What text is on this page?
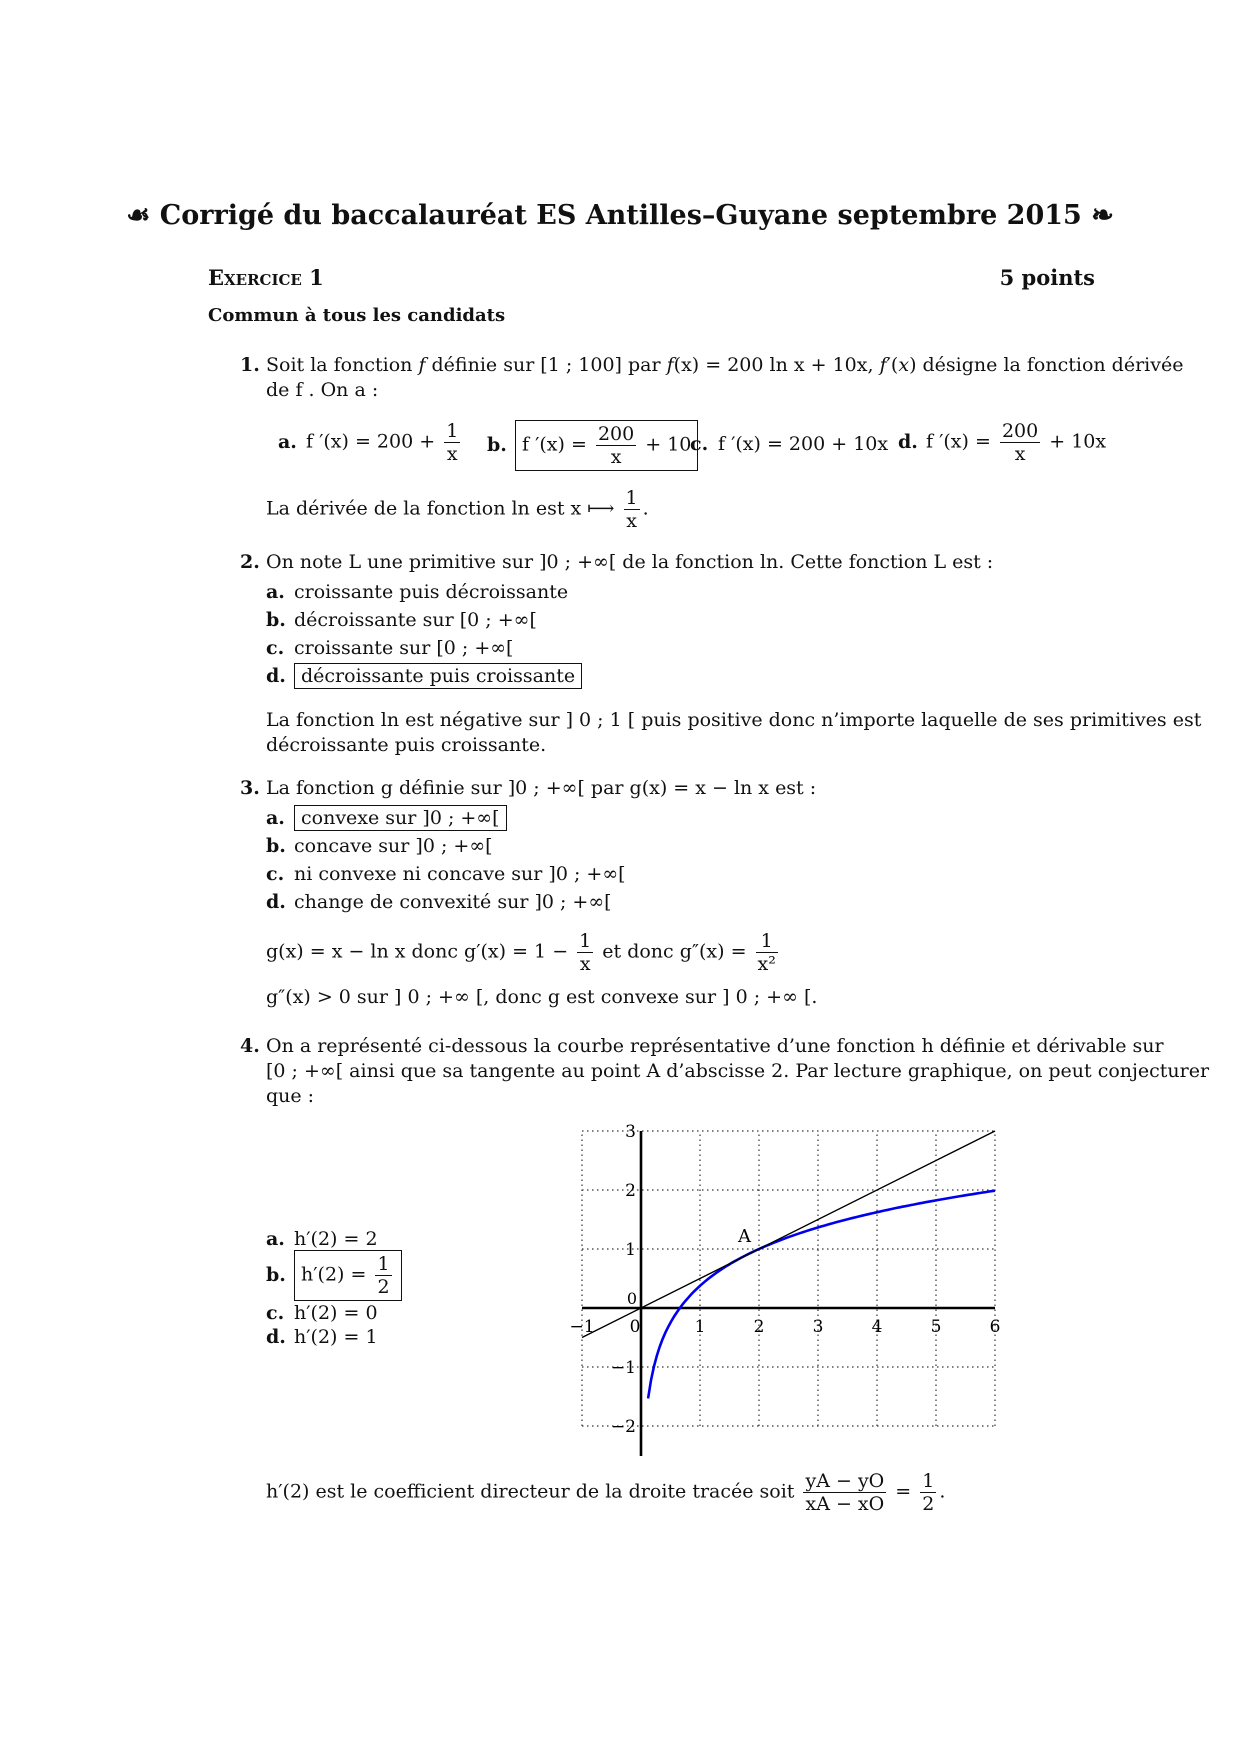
☙ Corrigé du baccalauréat ES Antilles–Guyane septembre 2015 ❧
Exercice 1	5 points
Commun à tous les candidats
1. Soit la fonction f définie sur [1 ; 100] par f(x) = 200 ln x + 10x, f′(x) désigne la fonction dérivée
de f . On a :
a. f $'(x) = 200 + \frac{1}{x} b$. f $'(x) = \frac{200}{x} + 10$
c. f ′(x) = 200 + 10x d. f $'(x) = \frac{200}{x} + 10x$
La dérivée de la fonction ln est x ⟼ $\frac{1}{x}$ .
2. On note L une primitive sur ]0 ; +∞[ de la fonction ln. Cette fonction L est :
a. croissante puis décroissante
b. décroissante sur [0 ; +∞[
c. croissante sur [0 ; +∞[
d. décroissante puis croissante
La fonction ln est négative sur ] 0 ; 1 [ puis positive donc n’importe laquelle de ses primitives est
décroissante puis croissante.
3. La fonction g définie sur ]0 ; +∞[ par g(x) = x − ln x est :
a. convexe sur ]0 ; +∞[
b. concave sur ]0 ; +∞[
c. ni convexe ni concave sur ]0 ; +∞[
d. change de convexité sur ]0 ; +∞[
g(x) = x − ln x donc $g'(x) = 1 - \frac{1}{x}$ et donc $g''(x) = \frac{1}{\text{x²}}$
g″(x) > 0 sur ] 0 ; +∞ [, donc g est convexe sur ] 0 ; +∞ [.
4. On a représenté ci-dessous la courbe représentative d’une fonction h définie et dérivable sur
[0 ; +∞[ ainsi que sa tangente au point A d’abscisse 2. Par lecture graphique, on peut conjecturer
que :
a. h′(2) = 2
b. $h'(2) = \frac{1}{2}$
c. h′(2) = 0
d. h′(2) = 1	−1 0	1	2	3	4	5	6
−2
−1
0
1
2
3
A
h′(2) est le coefficient directeur de la droite tracée soit $\frac{yA - yO}{xA - xO} = \frac{1}{2}$ .
